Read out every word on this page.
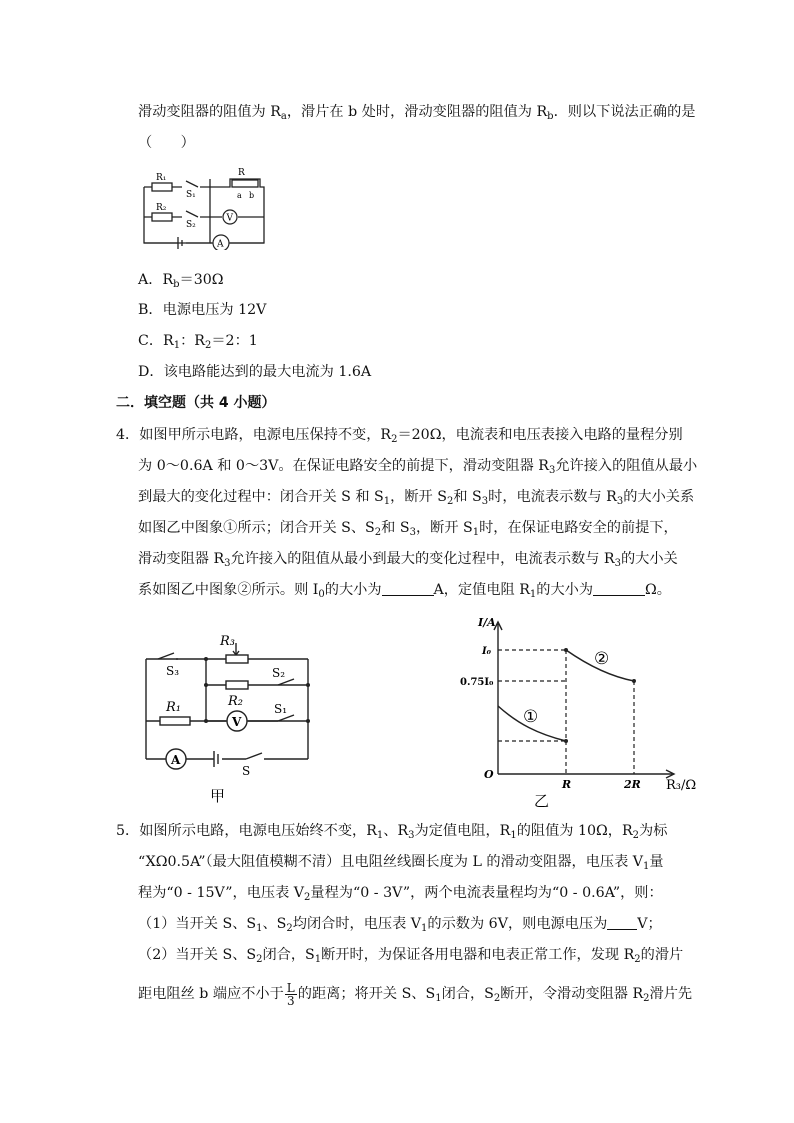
滑动变阻器的阻值为 $R_a$，滑片在 b 处时，滑动变阻器的阻值为 $R_b$．则以下说法正确的是
（　　）
R₁
S₁
R
a b
R₂
S₂
V
A
A．$R_b=30\Omega$
B．电源电压为 12V
C．$R_1$：$R_2=2$：1
D．该电路能达到的最大电流为 1.6A
二．填空题（共 4 小题）
4．如图甲所示电路，电源电压保持不变，$R_2=20\Omega$，电流表和电压表接入电路的量程分别
为 0～0.6A 和 0～3V。在保证电路安全的前提下，滑动变阻器 $R_3$允许接入的阻值从最小
到最大的变化过程中：闭合开关 S 和 $S_1$，断开 $S_2$和 $S_3$时，电流表示数与 $R_3$的大小关系
如图乙中图象①所示；闭合开关 S、$S_2$和 $S_3$，断开 $S_1$时，在保证电路安全的前提下，
滑动变阻器 $R_3$允许接入的阻值从最小到最大的变化过程中，电流表示数与 $R_3$的大小关
系如图乙中图象②所示。则 $I_0$的大小为	A，定值电阻 $R_1$的大小为	Ω。
R₃
S₃	S₂
R₁	R₂
V
S₁
A
S
甲
I/A
I₀
0.75I₀
O
R	2R R₃/Ω
①
②
乙
5．如图所示电路，电源电压始终不变，$R_1$、$R_3$为定值电阻，$R_1$的阻值为 10Ω，$R_2$为标
“XΩ0.5A”（最大阻值模糊不清）且电阻丝线圈长度为 L 的滑动变阻器，电压表 $V_1$量
程为“0 - 15V”，电压表 $V_2$量程为“0 - 3V”，两个电流表量程均为“0 - 0.6A”，则：
（1）当开关 S、$S_1$、$S_2$均闭合时，电压表 $V_1$的示数为 6V，则电源电压为 V；
（2）当开关 S、$S_2$闭合，$S_1$断开时，为保证各用电器和电表正常工作，发现 $R_2$的滑片
距电阻丝 b 端应不小于 $\frac{L}{3}$ 的距离；将开关 S、$S_1$闭合，$S_2$断开，令滑动变阻器 $R_2$滑片先
